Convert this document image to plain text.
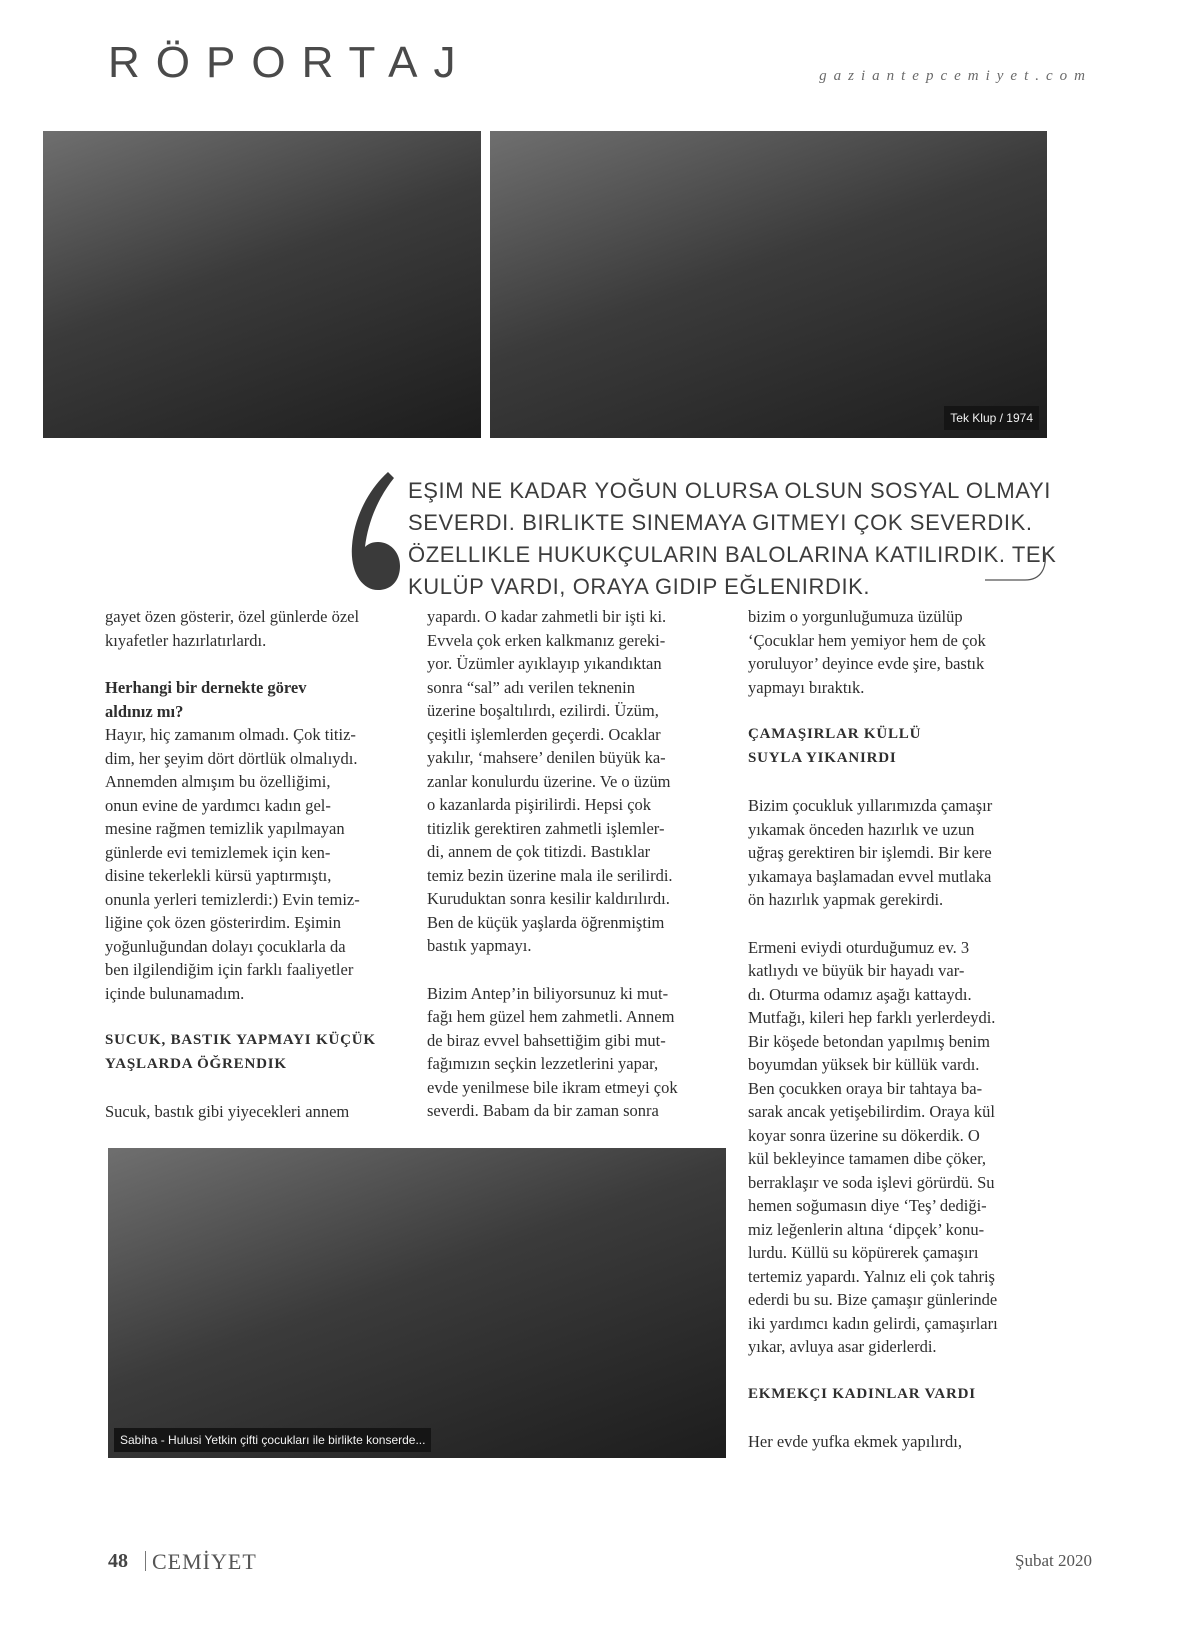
RÖPORTAJ	gaziantepcemiyet.com
Tek Klup / 1974

EŞIM NE KADAR YOĞUN OLURSA OLSUN SOSYAL OLMAYI
SEVERDI. BIRLIKTE SINEMAYA GITMEYI ÇOK SEVERDIK.
ÖZELLIKLE HUKUKÇULARIN BALOLARINA KATILIRDIK. TEK
KULÜP VARDI, ORAYA GIDIP EĞLENIRDIK.

gayet özen gösterir, özel günlerde özel
kıyafetler hazırlatırlardı.

Herhangi bir dernekte görev
aldınız mı?

Hayır, hiç zamanım olmadı. Çok titiz-
dim, her şeyim dört dörtlük olmalıydı.
Annemden almışım bu özelliğimi,
onun evine de yardımcı kadın gel-
mesine rağmen temizlik yapılmayan
günlerde evi temizlemek için ken-
disine tekerlekli kürsü yaptırmıştı,
onunla yerleri temizlerdi:) Evin temiz-
liğine çok özen gösterirdim. Eşimin
yoğunluğundan dolayı çocuklarla da
ben ilgilendiğim için farklı faaliyetler
içinde bulunamadım.

SUCUK, BASTIK YAPMAYI KÜÇÜK
YAŞLARDA ÖĞRENDIK

Sucuk, bastık gibi yiyecekleri annem

yapardı. O kadar zahmetli bir işti ki.
Evvela çok erken kalkmanız gereki-
yor. Üzümler ayıklayıp yıkandıktan
sonra “sal” adı verilen teknenin
üzerine boşaltılırdı, ezilirdi. Üzüm,
çeşitli işlemlerden geçerdi. Ocaklar
yakılır, ‘mahsere’ denilen büyük ka-
zanlar konulurdu üzerine. Ve o üzüm
o kazanlarda pişirilirdi. Hepsi çok
titizlik gerektiren zahmetli işlemler-
di, annem de çok titizdi. Bastıklar
temiz bezin üzerine mala ile serilirdi.
Kuruduktan sonra kesilir kaldırılırdı.
Ben de küçük yaşlarda öğrenmiştim
bastık yapmayı.

Bizim Antep’in biliyorsunuz ki mut-
fağı hem güzel hem zahmetli. Annem
de biraz evvel bahsettiğim gibi mut-
fağımızın seçkin lezzetlerini yapar,
evde yenilmese bile ikram etmeyi çok
severdi. Babam da bir zaman sonra

bizim o yorgunluğumuza üzülüp
‘Çocuklar hem yemiyor hem de çok
yoruluyor’ deyince evde şire, bastık
yapmayı bıraktık.

ÇAMAŞIRLAR KÜLLÜ
SUYLA YIKANIRDI

Bizim çocukluk yıllarımızda çamaşır
yıkamak önceden hazırlık ve uzun
uğraş gerektiren bir işlemdi. Bir kere
yıkamaya başlamadan evvel mutlaka
ön hazırlık yapmak gerekirdi.

Ermeni eviydi oturduğumuz ev. 3
katlıydı ve büyük bir hayadı var-
dı. Oturma odamız aşağı kattaydı.
Mutfağı, kileri hep farklı yerlerdeydi.
Bir köşede betondan yapılmış benim
boyumdan yüksek bir küllük vardı.
Ben çocukken oraya bir tahtaya ba-
sarak ancak yetişebilirdim. Oraya kül
koyar sonra üzerine su dökerdik. O
kül bekleyince tamamen dibe çöker,
berraklaşır ve soda işlevi görürdü. Su
hemen soğumasın diye ‘Teş’ dediği-
miz leğenlerin altına ‘dipçek’ konu-
lurdu. Küllü su köpürerek çamaşırı
tertemiz yapardı. Yalnız eli çok tahriş
ederdi bu su. Bize çamaşır günlerinde
iki yardımcı kadın gelirdi, çamaşırları
yıkar, avluya asar giderlerdi.

EKMEKÇI KADINLAR VARDI

Her evde yufka ekmek yapılırdı,

Sabiha - Hulusi Yetkin çifti çocukları ile birlikte konserde...
48 CEMİYET	Şubat 2020
